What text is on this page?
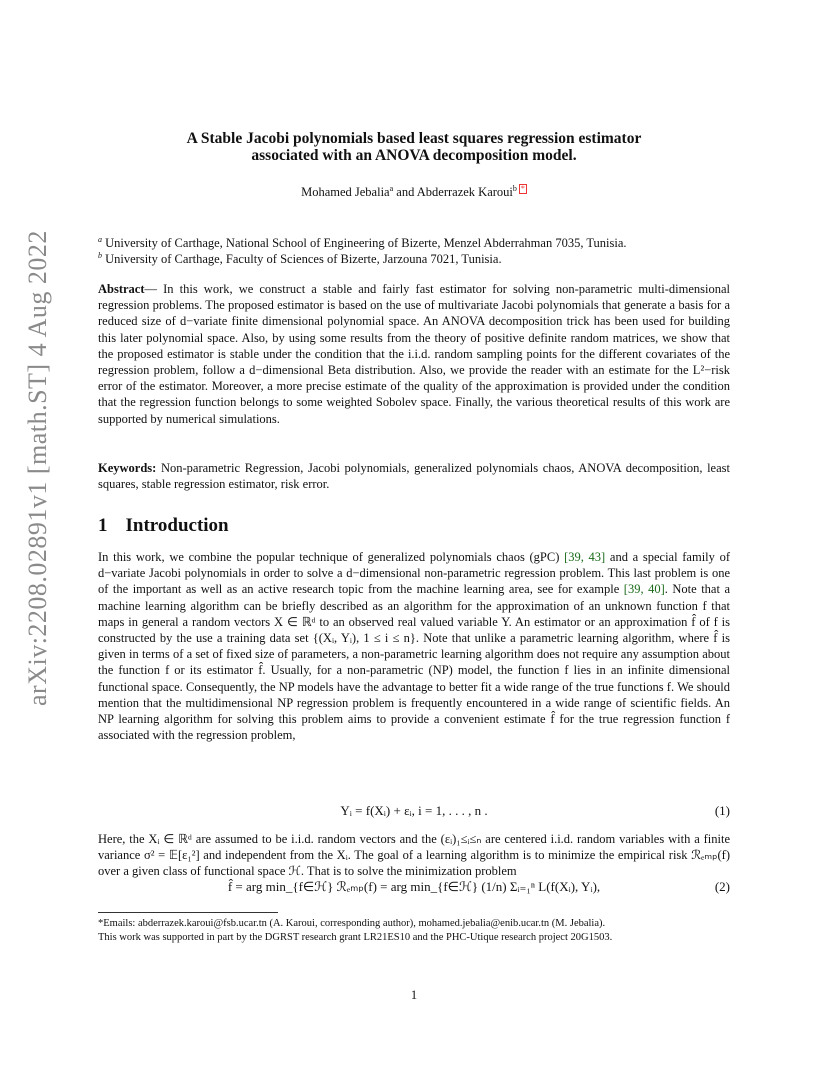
arXiv:2208.02891v1 [math.ST] 4 Aug 2022
A Stable Jacobi polynomials based least squares regression estimator
associated with an ANOVA decomposition model.
Mohamed Jebalia$^a$ and Abderrazek Karoui$^b$ *
$^a$ University of Carthage, National School of Engineering of Bizerte, Menzel Abderrahman 7035, Tunisia.
$^b$ University of Carthage, Faculty of Sciences of Bizerte, Jarzouna 7021, Tunisia.
Abstract— In this work, we construct a stable and fairly fast estimator for solving non-parametric multi-dimensional regression problems. The proposed estimator is based on the use of multivariate Jacobi polynomials that generate a basis for a reduced size of d−variate finite dimensional polynomial space. An ANOVA decomposition trick has been used for building this later polynomial space. Also, by using some results from the theory of positive definite random matrices, we show that the proposed estimator is stable under the condition that the i.i.d. random sampling points for the different covariates of the regression problem, follow a d−dimensional Beta distribution. Also, we provide the reader with an estimate for the L²−risk error of the estimator. Moreover, a more precise estimate of the quality of the approximation is provided under the condition that the regression function belongs to some weighted Sobolev space. Finally, the various theoretical results of this work are supported by numerical simulations.
Keywords: Non-parametric Regression, Jacobi polynomials, generalized polynomials chaos, ANOVA decomposition, least squares, stable regression estimator, risk error.
1 Introduction
In this work, we combine the popular technique of generalized polynomials chaos (gPC) [39, 43] and a special family of d−variate Jacobi polynomials in order to solve a d−dimensional non-parametric regression problem. This last problem is one of the important as well as an active research topic from the machine learning area, see for example [39, 40]. Note that a machine learning algorithm can be briefly described as an algorithm for the approximation of an unknown function f that maps in general a random vectors X ∈ ℝᵈ to an observed real valued variable Y. An estimator or an approximation f̂ of f is constructed by the use a training data set {(Xᵢ, Yᵢ), 1 ≤ i ≤ n}. Note that unlike a parametric learning algorithm, where f̂ is given in terms of a set of fixed size of parameters, a non-parametric learning algorithm does not require any assumption about the function f or its estimator f̂. Usually, for a non-parametric (NP) model, the function f lies in an infinite dimensional functional space. Consequently, the NP models have the advantage to better fit a wide range of the true functions f. We should mention that the multidimensional NP regression problem is frequently encountered in a wide range of scientific fields. An NP learning algorithm for solving this problem aims to provide a convenient estimate f̂ for the true regression function f associated with the regression problem,
Yᵢ = f(Xᵢ) + εᵢ, i = 1, . . . , n .	(1)
Here, the Xᵢ ∈ ℝᵈ are assumed to be i.i.d. random vectors and the (εᵢ)₁≤ᵢ≤ₙ are centered i.i.d. random variables with a finite variance σ² = 𝔼[ε₁²] and independent from the Xᵢ. The goal of a learning algorithm is to minimize the empirical risk ℛₑₘₚ(f) over a given class of functional space ℋ. That is to solve the minimization problem
f̂ = arg min_{f∈ℋ} ℛₑₘₚ(f) = arg min_{f∈ℋ} (1/n) Σᵢ₌₁ⁿ L(f(Xᵢ), Yᵢ),	(2)
*Emails: abderrazek.karoui@fsb.ucar.tn (A. Karoui, corresponding author), mohamed.jebalia@enib.ucar.tn (M. Jebalia).
This work was supported in part by the DGRST research grant LR21ES10 and the PHC-Utique research project 20G1503.
1
